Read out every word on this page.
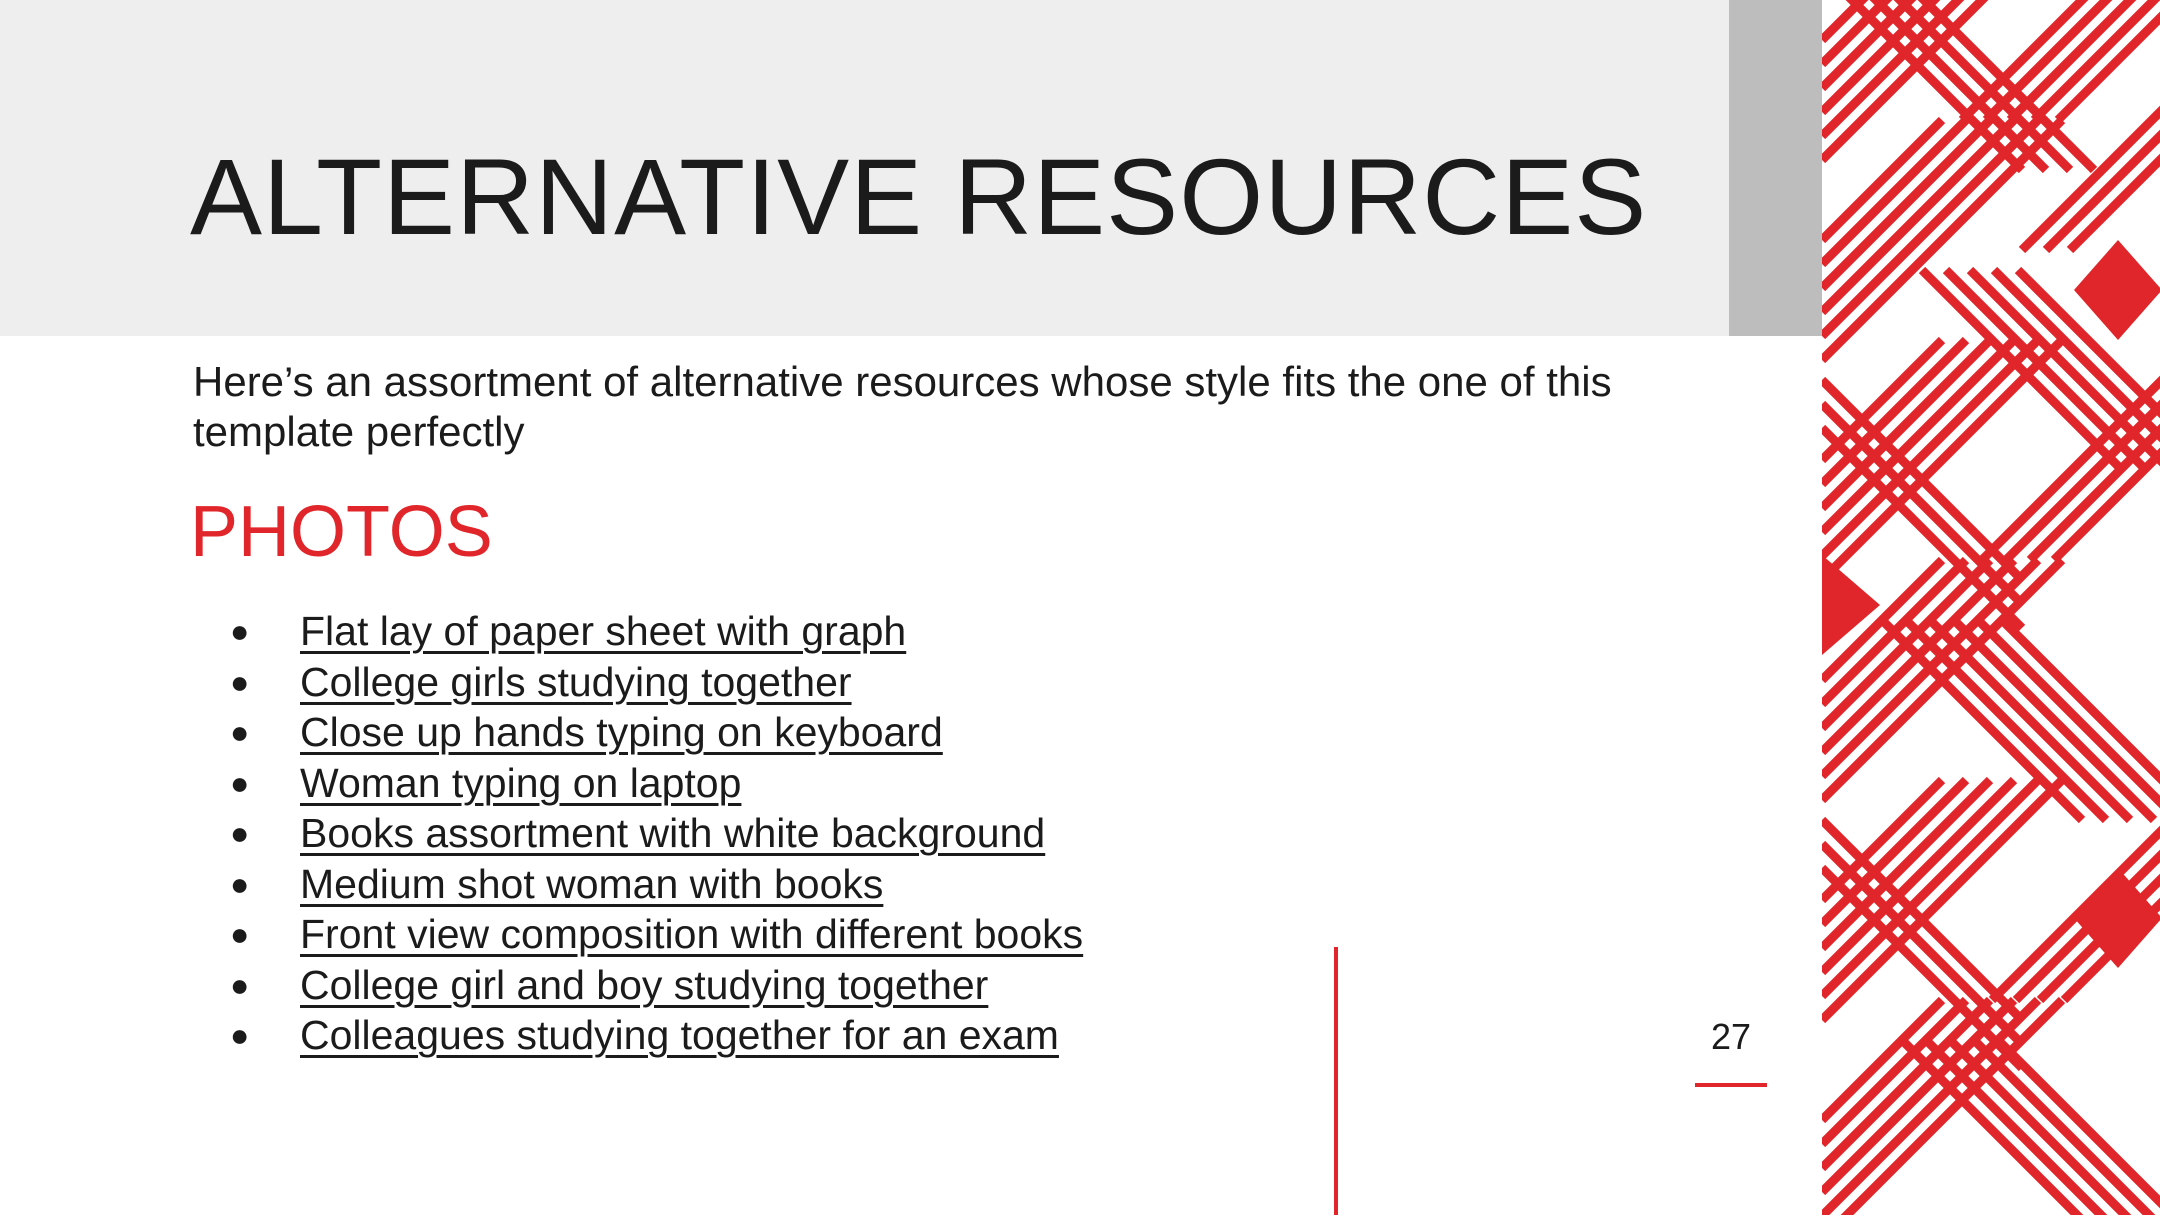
ALTERNATIVE RESOURCES

Here’s an assortment of alternative resources whose style fits the one of this template perfectly

PHOTOS
● Flat lay of paper sheet with graph
● College girls studying together
● Close up hands typing on keyboard
● Woman typing on laptop
● Books assortment with white background
● Medium shot woman with books
● Front view composition with different books
● College girl and boy studying together
● Colleagues studying together for an exam	27
